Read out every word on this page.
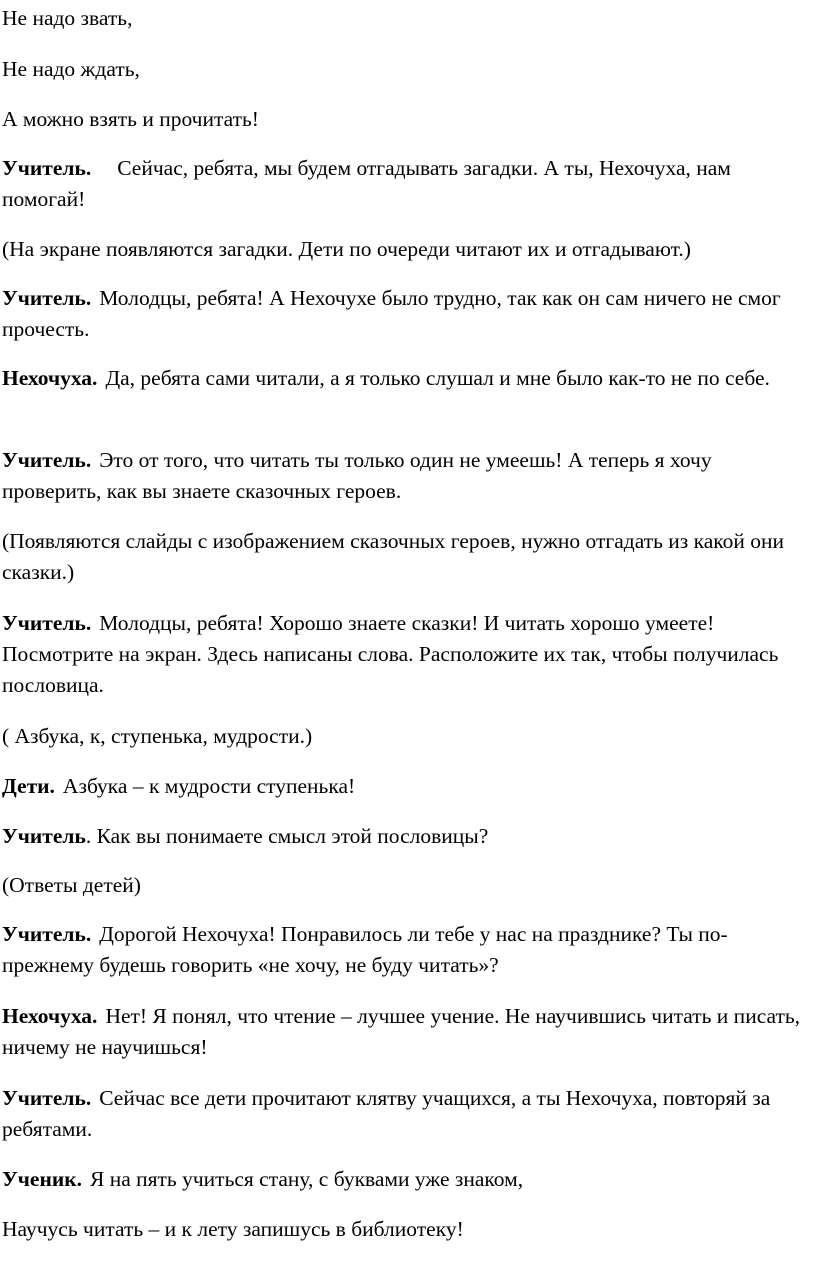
Не надо звать,

Не надо ждать,

А можно взять и прочитать!

Учитель. Сейчас, ребята, мы будем отгадывать загадки. А ты, Нехочуха, нам помогай!

(На экране появляются загадки. Дети по очереди читают их и отгадывают.)

Учитель. Молодцы, ребята! А Нехочухе было трудно, так как он сам ничего не смог прочесть.

Нехочуха. Да, ребята сами читали, а я только слушал и мне было как-то не по себе.

Учитель. Это от того, что читать ты только один не умеешь! А теперь я хочу проверить, как вы знаете сказочных героев.

(Появляются слайды с изображением сказочных героев, нужно отгадать из какой они сказки.)

Учитель. Молодцы, ребята! Хорошо знаете сказки! И читать хорошо умеете! Посмотрите на экран. Здесь написаны слова. Расположите их так, чтобы получилась пословица.

( Азбука, к, ступенька, мудрости.)

Дети. Азбука – к мудрости ступенька!

Учитель. Как вы понимаете смысл этой пословицы?

(Ответы детей)

Учитель. Дорогой Нехочуха! Понравилось ли тебе у нас на празднике? Ты по-прежнему будешь говорить «не хочу, не буду читать»?

Нехочуха. Нет! Я понял, что чтение – лучшее учение. Не научившись читать и писать, ничему не научишься!

Учитель. Сейчас все дети прочитают клятву учащихся, а ты Нехочуха, повторяй за ребятами.

Ученик. Я на пять учиться стану, с буквами уже знаком,

Научусь читать – и к лету запишусь в библиотеку!
